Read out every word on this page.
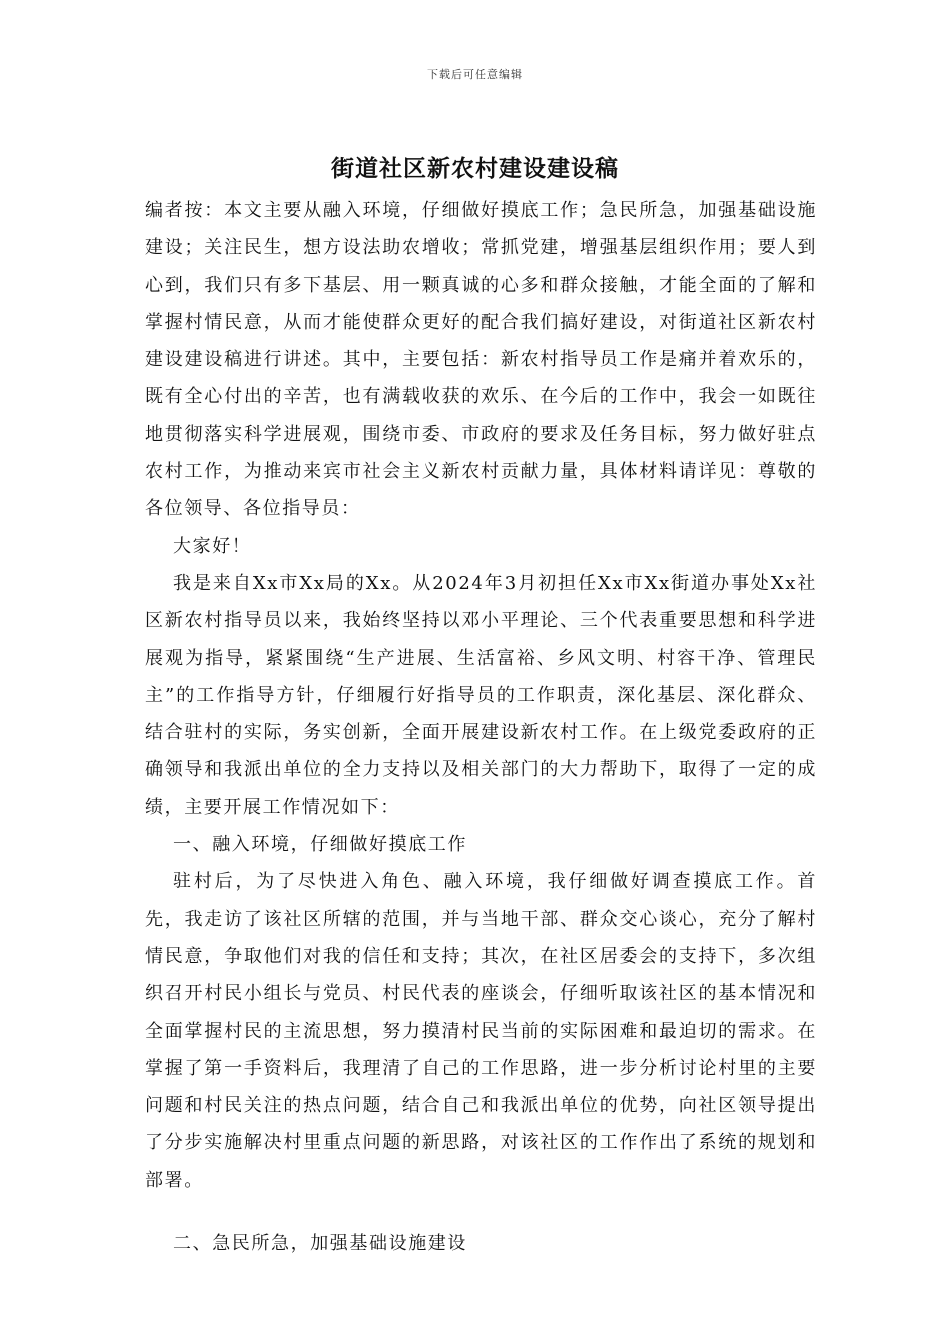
下载后可任意编辑
街道社区新农村建设建设稿

编者按：本文主要从融入环境，仔细做好摸底工作；急民所急，加强基础设施建设；关注民生，想方设法助农增收；常抓党建，增强基层组织作用；要人到心到，我们只有多下基层、用一颗真诚的心多和群众接触，才能全面的了解和掌握村情民意，从而才能使群众更好的配合我们搞好建设，对街道社区新农村建设建设稿进行讲述。其中，主要包括：新农村指导员工作是痛并着欢乐的，既有全心付出的辛苦，也有满载收获的欢乐、在今后的工作中，我会一如既往地贯彻落实科学进展观，围绕市委、市政府的要求及任务目标，努力做好驻点农村工作，为推动来宾市社会主义新农村贡献力量，具体材料请详见：尊敬的各位领导、各位指导员：

大家好！

我是来自Xx市Xx局的Xx。从2024年3月初担任Xx市Xx街道办事处Xx社区新农村指导员以来，我始终坚持以邓小平理论、三个代表重要思想和科学进展观为指导，紧紧围绕“生产进展、生活富裕、乡风文明、村容干净、管理民主”的工作指导方针，仔细履行好指导员的工作职责，深化基层、深化群众、结合驻村的实际，务实创新，全面开展建设新农村工作。在上级党委政府的正确领导和我派出单位的全力支持以及相关部门的大力帮助下，取得了一定的成绩，主要开展工作情况如下：

一、融入环境，仔细做好摸底工作

驻村后，为了尽快进入角色、融入环境，我仔细做好调查摸底工作。首先，我走访了该社区所辖的范围，并与当地干部、群众交心谈心，充分了解村情民意，争取他们对我的信任和支持；其次，在社区居委会的支持下，多次组织召开村民小组长与党员、村民代表的座谈会，仔细听取该社区的基本情况和全面掌握村民的主流思想，努力摸清村民当前的实际困难和最迫切的需求。在掌握了第一手资料后，我理清了自己的工作思路，进一步分析讨论村里的主要问题和村民关注的热点问题，结合自己和我派出单位的优势，向社区领导提出了分步实施解决村里重点问题的新思路，对该社区的工作作出了系统的规划和部署。

二、急民所急，加强基础设施建设
